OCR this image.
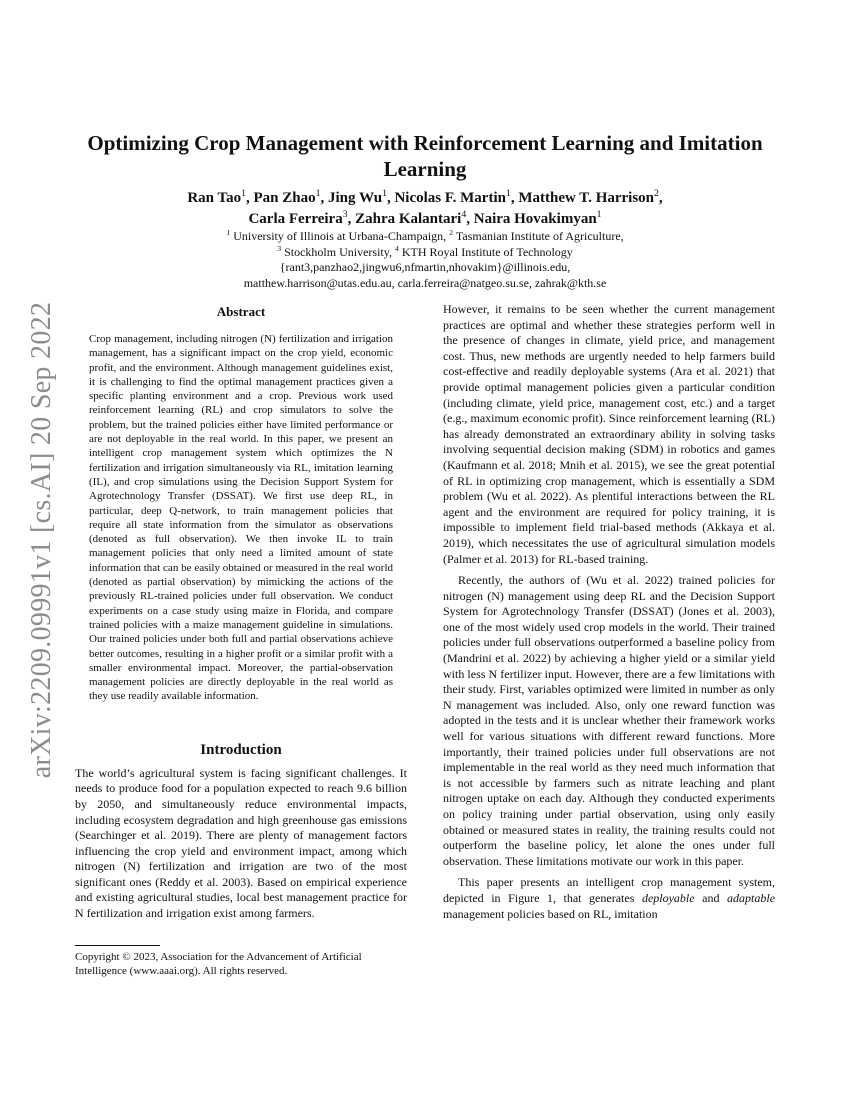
arXiv:2209.09991v1 [cs.AI] 20 Sep 2022
Optimizing Crop Management with Reinforcement Learning and Imitation Learning
Ran Tao$^1$, Pan Zhao$^1$, Jing Wu$^1$, Nicolas F. Martin$^1$, Matthew T. Harrison$^2$,
Carla Ferreira$^3$, Zahra Kalantari$^4$, Naira Hovakimyan$^1$
$^1$ University of Illinois at Urbana-Champaign, $^2$ Tasmanian Institute of Agriculture,
$^3$ Stockholm University, $^4$ KTH Royal Institute of Technology
{rant3,panzhao2,jingwu6,nfmartin,nhovakim}@illinois.edu,
matthew.harrison@utas.edu.au, carla.ferreira@natgeo.su.se, zahrak@kth.se
Abstract

Crop management, including nitrogen (N) fertilization and irrigation management, has a significant impact on the crop yield, economic profit, and the environment. Although management guidelines exist, it is challenging to find the optimal management practices given a specific planting environment and a crop. Previous work used reinforcement learning (RL) and crop simulators to solve the problem, but the trained policies either have limited performance or are not deployable in the real world. In this paper, we present an intelligent crop management system which optimizes the N fertilization and irrigation simultaneously via RL, imitation learning (IL), and crop simulations using the Decision Support System for Agrotechnology Transfer (DSSAT). We first use deep RL, in particular, deep Q-network, to train management policies that require all state information from the simulator as observations (denoted as full observation). We then invoke IL to train management policies that only need a limited amount of state information that can be easily obtained or measured in the real world (denoted as partial observation) by mimicking the actions of the previously RL-trained policies under full observation. We conduct experiments on a case study using maize in Florida, and compare trained policies with a maize management guideline in simulations. Our trained policies under both full and partial observations achieve better outcomes, resulting in a higher profit or a similar profit with a smaller environmental impact. Moreover, the partial-observation management policies are directly deployable in the real world as they use readily available information.

Introduction

The world’s agricultural system is facing significant challenges. It needs to produce food for a population expected to reach 9.6 billion by 2050, and simultaneously reduce environmental impacts, including ecosystem degradation and high greenhouse gas emissions (Searchinger et al. 2019). There are plenty of management factors influencing the crop yield and environment impact, among which nitrogen (N) fertilization and irrigation are two of the most significant ones (Reddy et al. 2003). Based on empirical experience and existing agricultural studies, local best management practice for N fertilization and irrigation exist among farmers.

Copyright © 2023, Association for the Advancement of Artificial Intelligence (www.aaai.org). All rights reserved.

However, it remains to be seen whether the current management practices are optimal and whether these strategies perform well in the presence of changes in climate, yield price, and management cost. Thus, new methods are urgently needed to help farmers build cost-effective and readily deployable systems (Ara et al. 2021) that provide optimal management policies given a particular condition (including climate, yield price, management cost, etc.) and a target (e.g., maximum economic profit). Since reinforcement learning (RL) has already demonstrated an extraordinary ability in solving tasks involving sequential decision making (SDM) in robotics and games (Kaufmann et al. 2018; Mnih et al. 2015), we see the great potential of RL in optimizing crop management, which is essentially a SDM problem (Wu et al. 2022). As plentiful interactions between the RL agent and the environment are required for policy training, it is impossible to implement field trial-based methods (Akkaya et al. 2019), which necessitates the use of agricultural simulation models (Palmer et al. 2013) for RL-based training.

Recently, the authors of (Wu et al. 2022) trained policies for nitrogen (N) management using deep RL and the Decision Support System for Agrotechnology Transfer (DSSAT) (Jones et al. 2003), one of the most widely used crop models in the world. Their trained policies under full observations outperformed a baseline policy from (Mandrini et al. 2022) by achieving a higher yield or a similar yield with less N fertilizer input. However, there are a few limitations with their study. First, variables optimized were limited in number as only N management was included. Also, only one reward function was adopted in the tests and it is unclear whether their framework works well for various situations with different reward functions. More importantly, their trained policies under full observations are not implementable in the real world as they need much information that is not accessible by farmers such as nitrate leaching and plant nitrogen uptake on each day. Although they conducted experiments on policy training under partial observation, using only easily obtained or measured states in reality, the training results could not outperform the baseline policy, let alone the ones under full observation. These limitations motivate our work in this paper.

This paper presents an intelligent crop management system, depicted in Figure 1, that generates deployable and adaptable management policies based on RL, imitation
